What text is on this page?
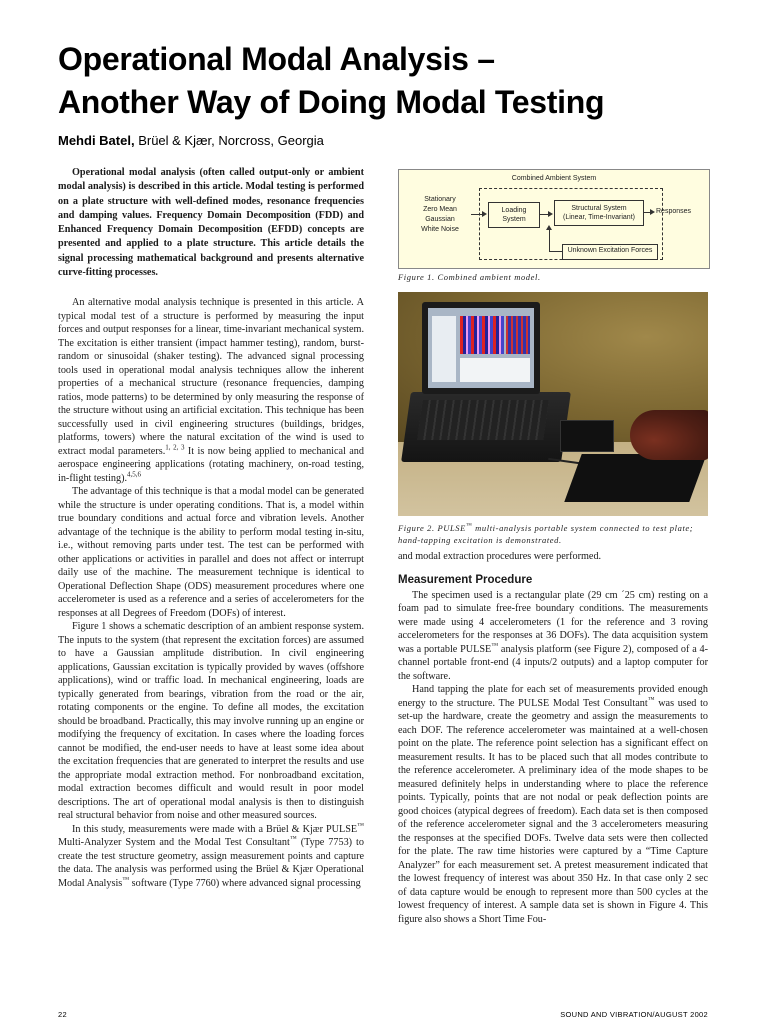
Operational Modal Analysis –
Another Way of Doing Modal Testing
Mehdi Batel, Brüel & Kjær, Norcross, Georgia

Operational modal analysis (often called output-only or ambient modal analysis) is described in this article. Modal testing is performed on a plate structure with well-defined modes, resonance frequencies and damping values. Frequency Domain Decomposition (FDD) and Enhanced Frequency Domain Decomposition (EFDD) concepts are presented and applied to a plate structure. This article details the signal processing mathematical background and presents alternative curve-fitting processes.

An alternative modal analysis technique is presented in this article. A typical modal test of a structure is performed by measuring the input forces and output responses for a linear, time-invariant mechanical system. The excitation is either transient (impact hammer testing), random, burst-random or sinusoidal (shaker testing). The advanced signal processing tools used in operational modal analysis techniques allow the inherent properties of a mechanical structure (resonance frequencies, damping ratios, mode patterns) to be determined by only measuring the response of the structure without using an artificial excitation. This technique has been successfully used in civil engineering structures (buildings, bridges, platforms, towers) where the natural excitation of the wind is used to extract modal parameters.$^{1, 2, 3}$ It is now being applied to mechanical and aerospace engineering applications (rotating machinery, on-road testing, in-flight testing).$^{4,5,6}$

The advantage of this technique is that a modal model can be generated while the structure is under operating conditions. That is, a model within true boundary conditions and actual force and vibration levels. Another advantage of the technique is the ability to perform modal testing in-situ, i.e., without removing parts under test. The test can be performed with other applications or activities in parallel and does not affect or interrupt daily use of the machine. The measurement technique is identical to Operational Deflection Shape (ODS) measurement procedures where one accelerometer is used as a reference and a series of accelerometers for the responses at all Degrees of Freedom (DOFs) of interest.

Figure 1 shows a schematic description of an ambient response system. The inputs to the system (that represent the excitation forces) are assumed to have a Gaussian amplitude distribution. In civil engineering applications, Gaussian excitation is typically provided by waves (offshore applications), wind or traffic load. In mechanical engineering, loads are typically generated from bearings, vibration from the road or the air, rotating components or the engine. To define all modes, the excitation should be broadband. Practically, this may involve running up an engine or modifying the frequency of excitation. In cases where the loading forces cannot be modified, the end-user needs to have at least some idea about the excitation frequencies that are generated to interpret the results and use the appropriate modal extraction method. For nonbroadband excitation, modal extraction becomes difficult and would result in poor model descriptions. The art of operational modal analysis is then to distinguish real structural behavior from noise and other measured sources.

In this study, measurements were made with a Brüel & Kjær PULSE™ Multi-Analyzer System and the Modal Test Consultant™ (Type 7753) to create the test structure geometry, assign measurement points and capture the data. The analysis was performed using the Brüel & Kjær Operational Modal Analysis™ software (Type 7760) where advanced signal processing

Combined Ambient System
Stationary
Zero Mean
Gaussian
White Noise
Loading
System
Structural System
(Linear, Time-Invariant)
Responses
Unknown Excitation Forces
Figure 1. Combined ambient model.
Figure 2. PULSE™ multi-analysis portable system connected to test plate; hand-tapping excitation is demonstrated.

and modal extraction procedures were performed.

Measurement Procedure

The specimen used is a rectangular plate (29 cm ´25 cm) resting on a foam pad to simulate free-free boundary conditions. The measurements were made using 4 accelerometers (1 for the reference and 3 roving accelerometers for the responses at 36 DOFs). The data acquisition system was a portable PULSE™ analysis platform (see Figure 2), composed of a 4-channel portable front-end (4 inputs/2 outputs) and a laptop computer for the software.

Hand tapping the plate for each set of measurements provided enough energy to the structure. The PULSE Modal Test Consultant™ was used to set-up the hardware, create the geometry and assign the measurements to each DOF. The reference accelerometer was maintained at a well-chosen point on the plate. The reference point selection has a significant effect on measurement results. It has to be placed such that all modes contribute to the reference accelerometer. A preliminary idea of the mode shapes to be measured definitely helps in understanding where to place the reference points. Typically, points that are not nodal or peak deflection points are good choices (atypical degrees of freedom). Each data set is then composed of the reference accelerometer signal and the 3 accelerometers measuring the responses at the specified DOFs. Twelve data sets were then collected for the plate. The raw time histories were captured by a “Time Capture Analyzer” for each measurement set. A pretest measurement indicated that the lowest frequency of interest was about 350 Hz. In that case only 2 sec of data capture would be enough to represent more than 500 cycles at the lowest frequency of interest. A sample data set is shown in Figure 4. This figure also shows a Short Time Fou-

22	SOUND AND VIBRATION/AUGUST 2002
